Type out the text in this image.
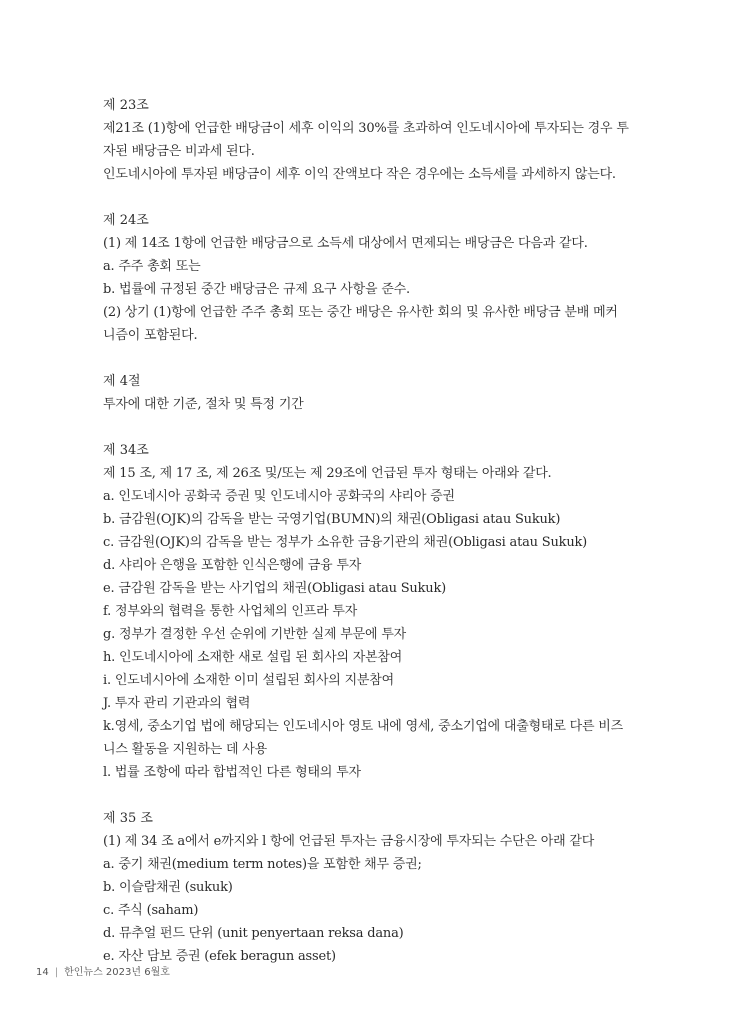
제 23조
제21조 (1)항에 언급한 배당금이 세후 이익의 30%를 초과하여 인도네시아에 투자되는 경우 투
자된 배당금은 비과세 된다.
인도네시아에 투자된 배당금이 세후 이익 잔액보다 작은 경우에는 소득세를 과세하지 않는다.
제 24조
(1) 제 14조 1항에 언급한 배당금으로 소득세 대상에서 면제되는 배당금은 다음과 같다.
a. 주주 총회 또는
b. 법률에 규정된 중간 배당금은 규제 요구 사항을 준수.
(2) 상기 (1)항에 언급한 주주 총회 또는 중간 배당은 유사한 회의 및 유사한 배당금 분배 메커
니즘이 포함된다.
제 4절
투자에 대한 기준, 절차 및 특정 기간
제 34조
제 15 조, 제 17 조, 제 26조 및/또는 제 29조에 언급된 투자 형태는 아래와 같다.
a. 인도네시아 공화국 증권 및 인도네시아 공화국의 샤리아 증권
b. 금감원(OJK)의 감독을 받는 국영기업(BUMN)의 채권(Obligasi atau Sukuk)
c. 금감원(OJK)의 감독을 받는 정부가 소유한 금융기관의 채권(Obligasi atau Sukuk)
d. 샤리아 은행을 포함한 인식은행에 금융 투자
e. 금감원 감독을 받는 사기업의 채권(Obligasi atau Sukuk)
f. 정부와의 협력을 통한 사업체의 인프라 투자
g. 정부가 결정한 우선 순위에 기반한 실제 부문에 투자
h. 인도네시아에 소재한 새로 설립 된 회사의 자본참여
i. 인도네시아에 소재한 이미 설립된 회사의 지분참여
J. 투자 관리 기관과의 협력
k.영세, 중소기업 법에 해당되는 인도네시아 영토 내에 영세, 중소기업에 대출형태로 다른 비즈
니스 활동을 지원하는 데 사용
l. 법률 조항에 따라 합법적인 다른 형태의 투자
제 35 조
(1) 제 34 조 a에서 e까지와 l 항에 언급된 투자는 금융시장에 투자되는 수단은 아래 같다
a. 중기 채권(medium term notes)을 포함한 채무 증권;
b. 이슬람채권 (sukuk)
c. 주식 (saham)
d. 뮤추얼 펀드 단위 (unit penyertaan reksa dana)
e. 자산 담보 증권 (efek beragun asset)
14 | 한인뉴스 2023년 6월호
